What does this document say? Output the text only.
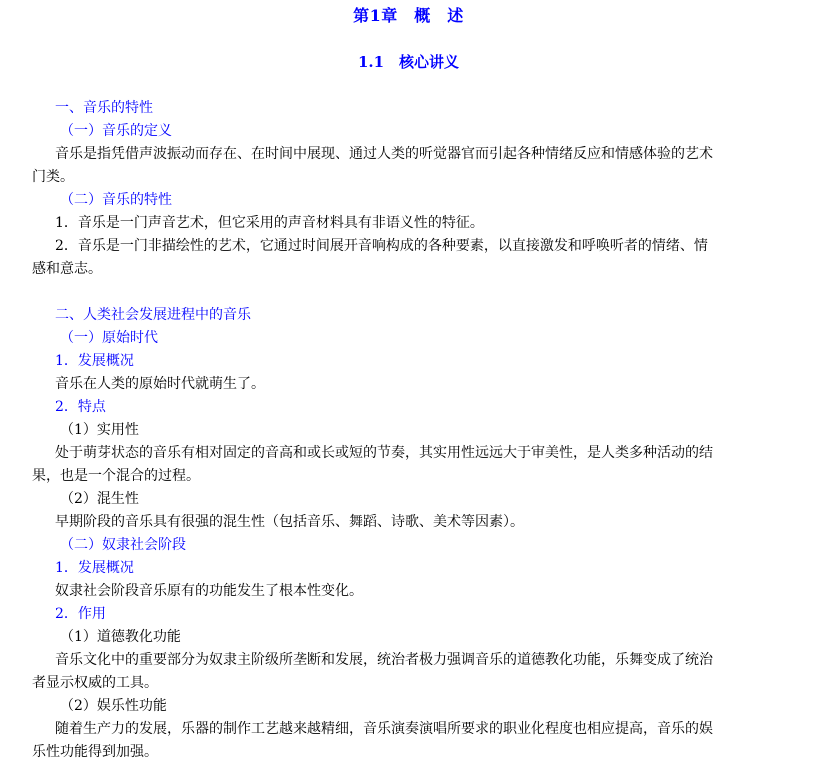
第1章　概　述
1.1　核心讲义

一、音乐的特性

（一）音乐的定义

音乐是指凭借声波振动而存在、在时间中展现、通过人类的听觉器官而引起各种情绪反应和情感体验的艺术

门类。

（二）音乐的特性

1．音乐是一门声音艺术，但它采用的声音材料具有非语义性的特征。

2．音乐是一门非描绘性的艺术，它通过时间展开音响构成的各种要素，以直接激发和呼唤听者的情绪、情

感和意志。

二、人类社会发展进程中的音乐

（一）原始时代

1．发展概况

音乐在人类的原始时代就萌生了。

2．特点

（1）实用性

处于萌芽状态的音乐有相对固定的音高和或长或短的节奏，其实用性远远大于审美性，是人类多种活动的结

果，也是一个混合的过程。

（2）混生性

早期阶段的音乐具有很强的混生性（包括音乐、舞蹈、诗歌、美术等因素）。

（二）奴隶社会阶段

1．发展概况

奴隶社会阶段音乐原有的功能发生了根本性变化。

2．作用

（1）道德教化功能

音乐文化中的重要部分为奴隶主阶级所垄断和发展，统治者极力强调音乐的道德教化功能，乐舞变成了统治

者显示权威的工具。

（2）娱乐性功能

随着生产力的发展，乐器的制作工艺越来越精细，音乐演奏演唱所要求的职业化程度也相应提高，音乐的娱

乐性功能得到加强。
